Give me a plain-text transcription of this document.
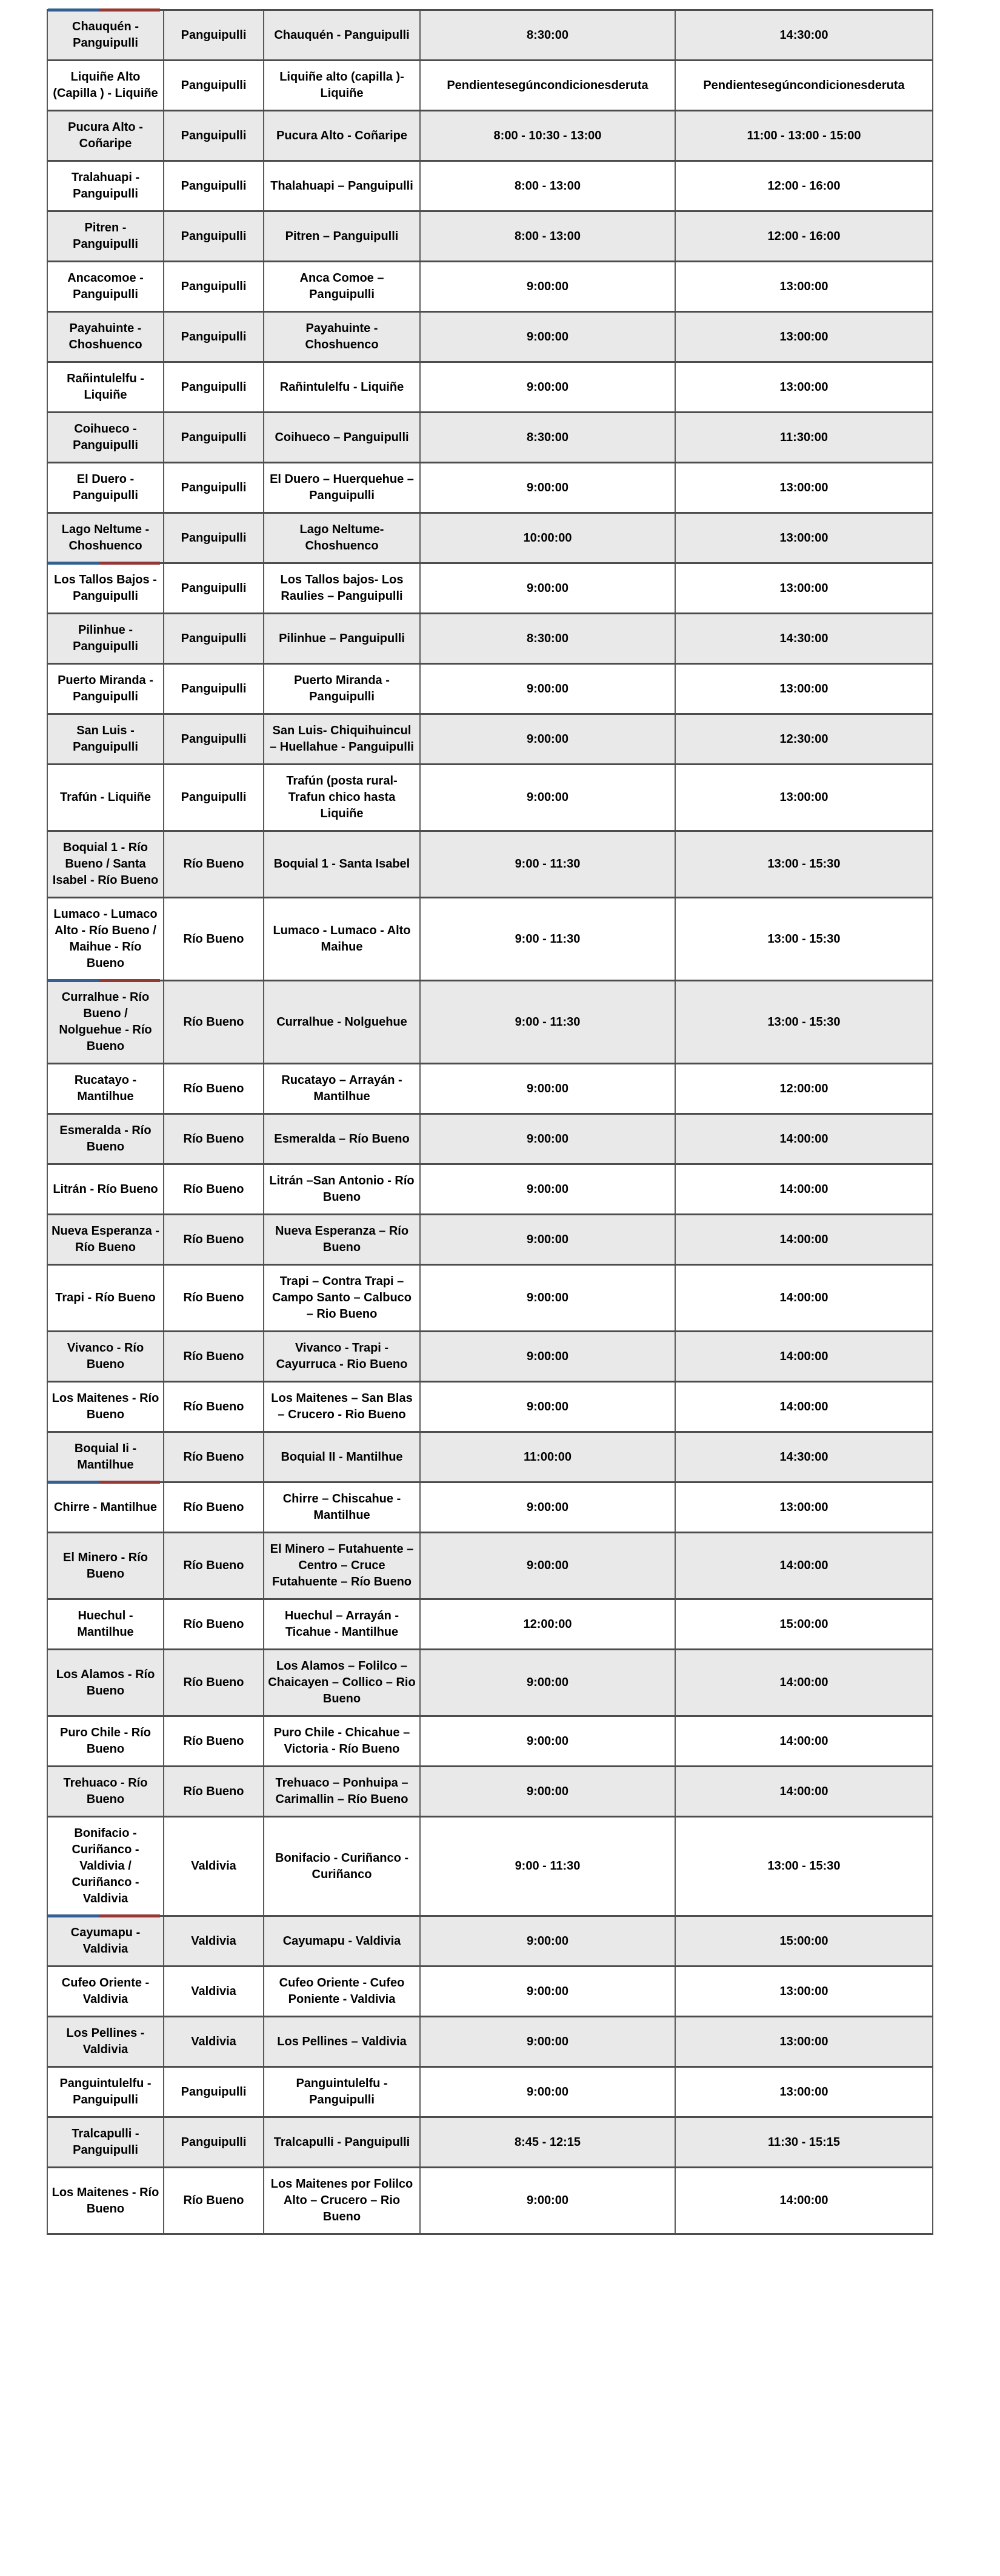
Chauquén - Panguipulli	Panguipulli	Chauquén - Panguipulli	8:30:00	14:30:00
Liquiñe Alto (Capilla ) - Liquiñe	Panguipulli	Liquiñe alto (capilla )-Liquiñe	Pendientesegúncondicionesderuta	Pendientesegúncondicionesderuta
Pucura Alto - Coñaripe	Panguipulli	Pucura Alto - Coñaripe	8:00 - 10:30 - 13:00	11:00 - 13:00 - 15:00
Tralahuapi - Panguipulli	Panguipulli	Thalahuapi – Panguipulli	8:00 - 13:00	12:00 - 16:00
Pitren - Panguipulli	Panguipulli	Pitren – Panguipulli	8:00 - 13:00	12:00 - 16:00
Ancacomoe - Panguipulli	Panguipulli	Anca Comoe – Panguipulli	9:00:00	13:00:00
Payahuinte - Choshuenco	Panguipulli	Payahuinte - Choshuenco	9:00:00	13:00:00
Rañintulelfu - Liquiñe	Panguipulli	Rañintulelfu - Liquiñe	9:00:00	13:00:00
Coihueco - Panguipulli	Panguipulli	Coihueco – Panguipulli	8:30:00	11:30:00
El Duero - Panguipulli	Panguipulli	El Duero – Huerquehue – Panguipulli	9:00:00	13:00:00
Lago Neltume - Choshuenco	Panguipulli	Lago Neltume- Choshuenco	10:00:00	13:00:00
Los Tallos Bajos - Panguipulli	Panguipulli	Los Tallos bajos- Los Raulies – Panguipulli	9:00:00	13:00:00
Pilinhue - Panguipulli	Panguipulli	Pilinhue – Panguipulli	8:30:00	14:30:00
Puerto Miranda - Panguipulli	Panguipulli	Puerto Miranda - Panguipulli	9:00:00	13:00:00
San Luis - Panguipulli	Panguipulli	San Luis- Chiquihuincul – Huellahue - Panguipulli	9:00:00	12:30:00
Trafún - Liquiñe	Panguipulli	Trafún (posta rural- Trafun chico hasta Liquiñe	9:00:00	13:00:00
Boquial 1 - Río Bueno / Santa Isabel - Río Bueno	Río Bueno	Boquial 1 - Santa Isabel	9:00 - 11:30	13:00 - 15:30
Lumaco - Lumaco Alto - Río Bueno / Maihue - Río Bueno	Río Bueno	Lumaco - Lumaco - Alto Maihue	9:00 - 11:30	13:00 - 15:30
Curralhue - Río Bueno / Nolguehue - Río Bueno	Río Bueno	Curralhue - Nolguehue	9:00 - 11:30	13:00 - 15:30
Rucatayo - Mantilhue	Río Bueno	Rucatayo – Arrayán - Mantilhue	9:00:00	12:00:00
Esmeralda - Río Bueno	Río Bueno	Esmeralda – Río Bueno	9:00:00	14:00:00
Litrán - Río Bueno	Río Bueno	Litrán –San Antonio - Río Bueno	9:00:00	14:00:00
Nueva Esperanza - Río Bueno	Río Bueno	Nueva Esperanza – Río Bueno	9:00:00	14:00:00
Trapi - Río Bueno	Río Bueno	Trapi – Contra Trapi – Campo Santo – Calbuco – Rio Bueno	9:00:00	14:00:00
Vivanco - Río Bueno	Río Bueno	Vivanco - Trapi - Cayurruca - Rio Bueno	9:00:00	14:00:00
Los Maitenes - Río Bueno	Río Bueno	Los Maitenes – San Blas – Crucero - Rio Bueno	9:00:00	14:00:00
Boquial Ii - Mantilhue	Río Bueno	Boquial II - Mantilhue	11:00:00	14:30:00
Chirre - Mantilhue	Río Bueno	Chirre – Chiscahue - Mantilhue	9:00:00	13:00:00
El Minero - Río Bueno	Río Bueno	El Minero – Futahuente – Centro – Cruce Futahuente – Río Bueno	9:00:00	14:00:00
Huechul - Mantilhue	Río Bueno	Huechul – Arrayán - Ticahue - Mantilhue	12:00:00	15:00:00
Los Alamos - Río Bueno	Río Bueno	Los Alamos – Folilco – Chaicayen – Collico – Rio Bueno	9:00:00	14:00:00
Puro Chile - Río Bueno	Río Bueno	Puro Chile - Chicahue – Victoria - Río Bueno	9:00:00	14:00:00
Trehuaco - Río Bueno	Río Bueno	Trehuaco – Ponhuipa – Carimallin – Río Bueno	9:00:00	14:00:00
Bonifacio - Curiñanco - Valdivia / Curiñanco - Valdivia	Valdivia	Bonifacio - Curiñanco - Curiñanco	9:00 - 11:30	13:00 - 15:30
Cayumapu - Valdivia	Valdivia	Cayumapu - Valdivia	9:00:00	15:00:00
Cufeo Oriente - Valdivia	Valdivia	Cufeo Oriente - Cufeo Poniente - Valdivia	9:00:00	13:00:00
Los Pellines - Valdivia	Valdivia	Los Pellines – Valdivia	9:00:00	13:00:00
Panguintulelfu - Panguipulli	Panguipulli	Panguintulelfu - Panguipulli	9:00:00	13:00:00
Tralcapulli - Panguipulli	Panguipulli	Tralcapulli - Panguipulli	8:45 - 12:15	11:30 - 15:15
Los Maitenes - Río Bueno	Río Bueno	Los Maitenes por Folilco Alto – Crucero – Rio Bueno	9:00:00	14:00:00
